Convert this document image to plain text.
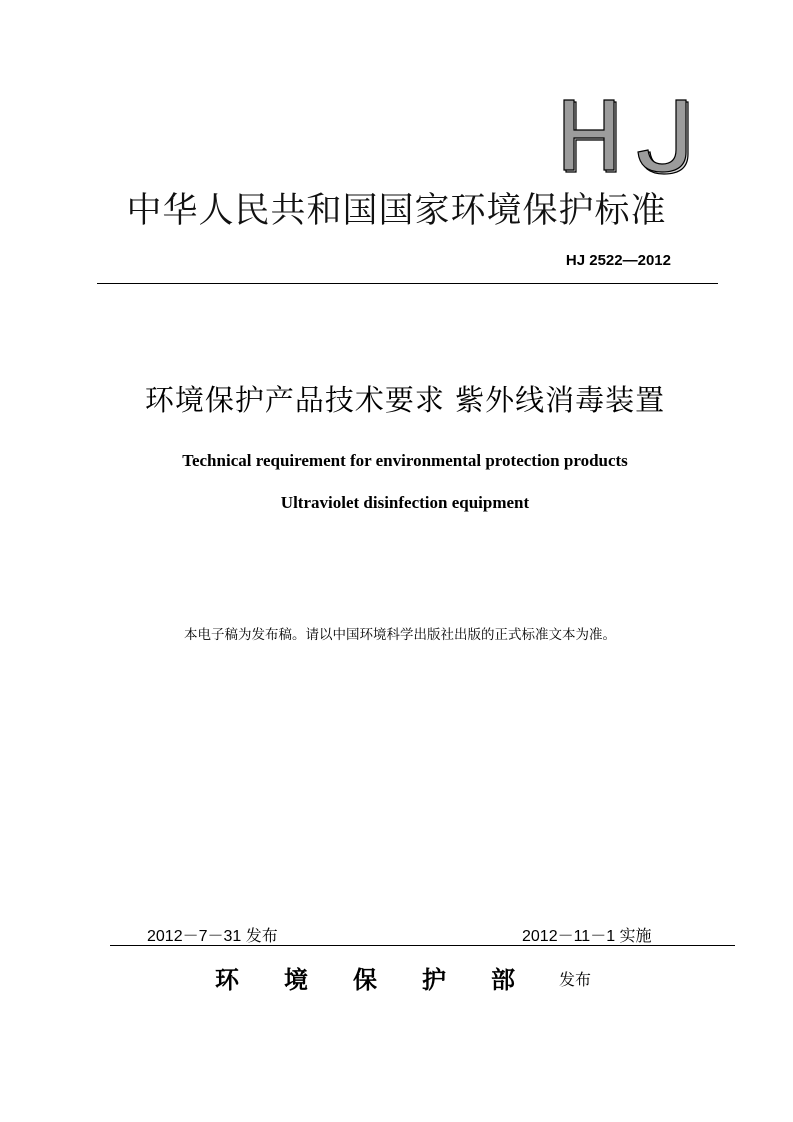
中华人民共和国国家环境保护标准
HJ 2522—2012
环境保护产品技术要求 紫外线消毒装置
Technical requirement for environmental protection products
Ultraviolet disinfection equipment
本电子稿为发布稿。请以中国环境科学出版社出版的正式标准文本为准。
2012－7－31 发布	2012－11－1 实施
环境保护部 发布
